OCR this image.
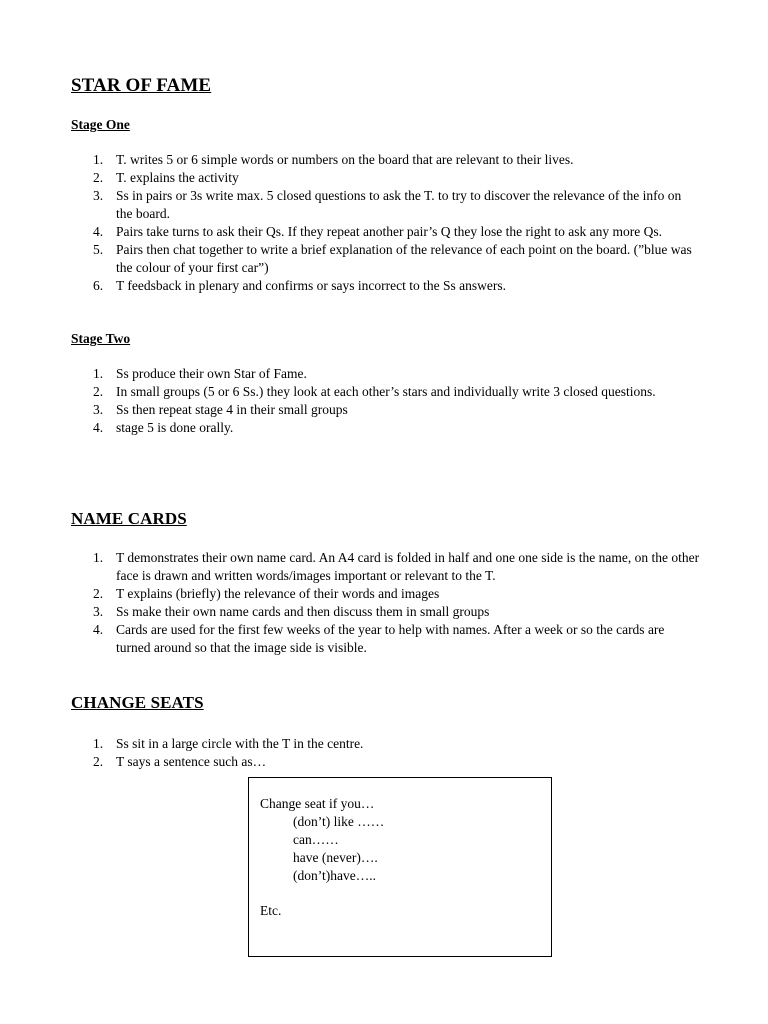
STAR OF FAME
Stage One
1. T. writes 5 or 6 simple words or numbers on the board that are relevant to their lives.
2. T. explains the activity
3. Ss in pairs or 3s write max. 5 closed questions to ask the T. to try to discover the relevance of the info on the board.
4. Pairs take turns to ask their Qs. If they repeat another pair’s Q they lose the right to ask any more Qs.
5. Pairs then chat together to write a brief explanation of the relevance of each point on the board. (”blue was the colour of your first car”)
6. T feedsback in plenary and confirms or says incorrect to the Ss answers.
Stage Two
1. Ss produce their own Star of Fame.
2. In small groups (5 or 6 Ss.) they look at each other’s stars and individually write 3 closed questions.
3. Ss then repeat stage 4 in their small groups
4. stage 5 is done orally.
NAME CARDS
1. T demonstrates their own name card. An A4 card is folded in half and one one side is the name, on the other face is drawn and written words/images important or relevant to the T.
2. T explains (briefly) the relevance of their words and images
3. Ss make their own name cards and then discuss them in small groups
4. Cards are used for the first few weeks of the year to help with names. After a week or so the cards are turned around so that the image side is visible.
CHANGE SEATS
1. Ss sit in a large circle with the T in the centre.
2. T says a sentence such as…
Change seat if you…
(don’t) like ……
can……
have (never)….
(don’t)have…..
Etc.
